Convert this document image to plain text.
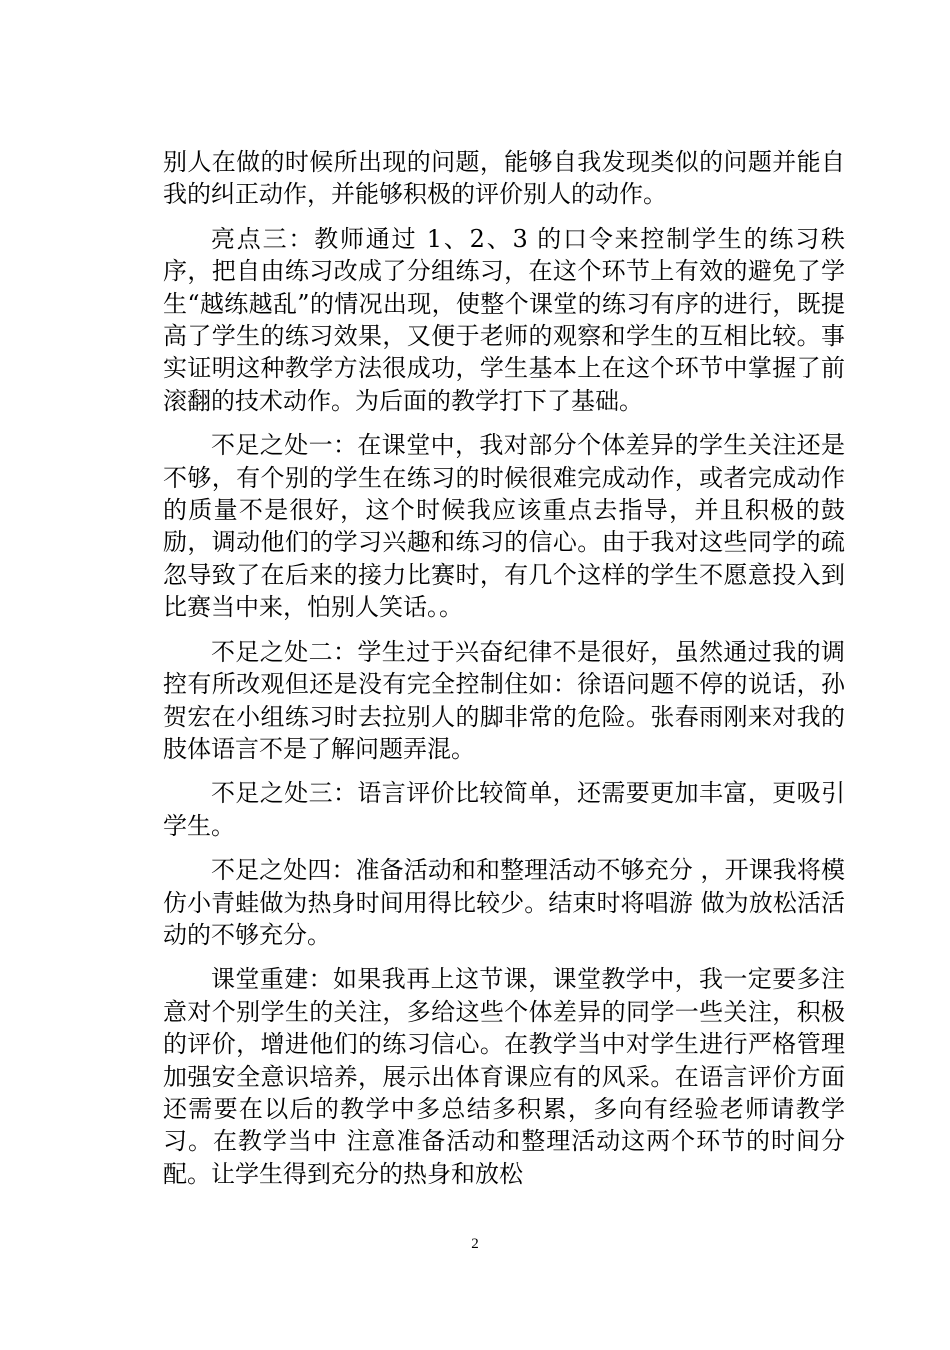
别人在做的时候所出现的问题，能够自我发现类似的问题并能自我的纠正动作，并能够积极的评价别人的动作。

亮点三：教师通过 1、2、3 的口令来控制学生的练习秩序，把自由练习改成了分组练习，在这个环节上有效的避免了学生“越练越乱”的情况出现，使整个课堂的练习有序的进行，既提高了学生的练习效果，又便于老师的观察和学生的互相比较。事实证明这种教学方法很成功，学生基本上在这个环节中掌握了前滚翻的技术动作。为后面的教学打下了基础。

不足之处一：在课堂中，我对部分个体差异的学生关注还是不够，有个别的学生在练习的时候很难完成动作，或者完成动作的质量不是很好，这个时候我应该重点去指导，并且积极的鼓励，调动他们的学习兴趣和练习的信心。由于我对这些同学的疏忽导致了在后来的接力比赛时，有几个这样的学生不愿意投入到比赛当中来，怕别人笑话。。

不足之处二：学生过于兴奋纪律不是很好，虽然通过我的调控有所改观但还是没有完全控制住如：徐语问题不停的说话，孙贺宏在小组练习时去拉别人的脚非常的危险。张春雨刚来对我的肢体语言不是了解问题弄混。

不足之处三：语言评价比较简单，还需要更加丰富，更吸引学生。

不足之处四：准备活动和和整理活动不够充分 ，开课我将模仿小青蛙做为热身时间用得比较少。结束时将唱游 做为放松活活动的不够充分。

课堂重建：如果我再上这节课，课堂教学中，我一定要多注意对个别学生的关注，多给这些个体差异的同学一些关注，积极的评价，增进他们的练习信心。在教学当中对学生进行严格管理加强安全意识培养，展示出体育课应有的风采。在语言评价方面还需要在以后的教学中多总结多积累，多向有经验老师请教学习。在教学当中 注意准备活动和整理活动这两个环节的时间分配。让学生得到充分的热身和放松

2
